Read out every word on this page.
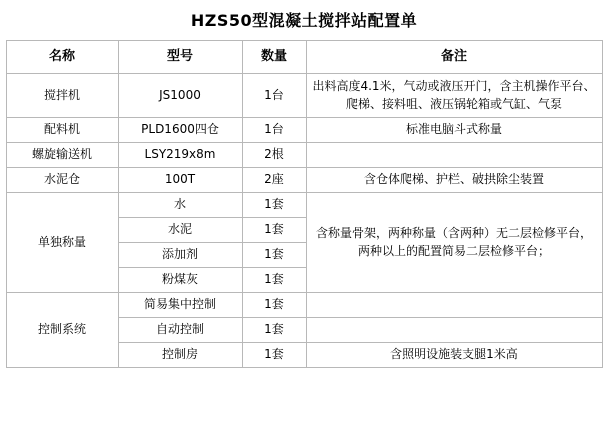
HZS50型混凝土搅拌站配置单
名称	型号	数量	备注
搅拌机	JS1000	1台	出料高度4.1米，气动或液压开门，含主机操作平台、爬梯、接料咀、液压锅轮箱或气缸、气泵
配料机	PLD1600四仓	1台	标准电脑斗式称量
螺旋输送机	LSY219x8m	2根	
水泥仓	100T	2座	含仓体爬梯、护栏、破拱除尘装置
单独称量	水	1套	含称量骨架，两种称量（含两种）无二层检修平台，两种以上的配置简易二层检修平台；
	水泥	1套	
	添加剂	1套	
	粉煤灰	1套	
控制系统	简易集中控制	1套	
	自动控制	1套	
	控制房	1套	含照明设施装支腿1米高
